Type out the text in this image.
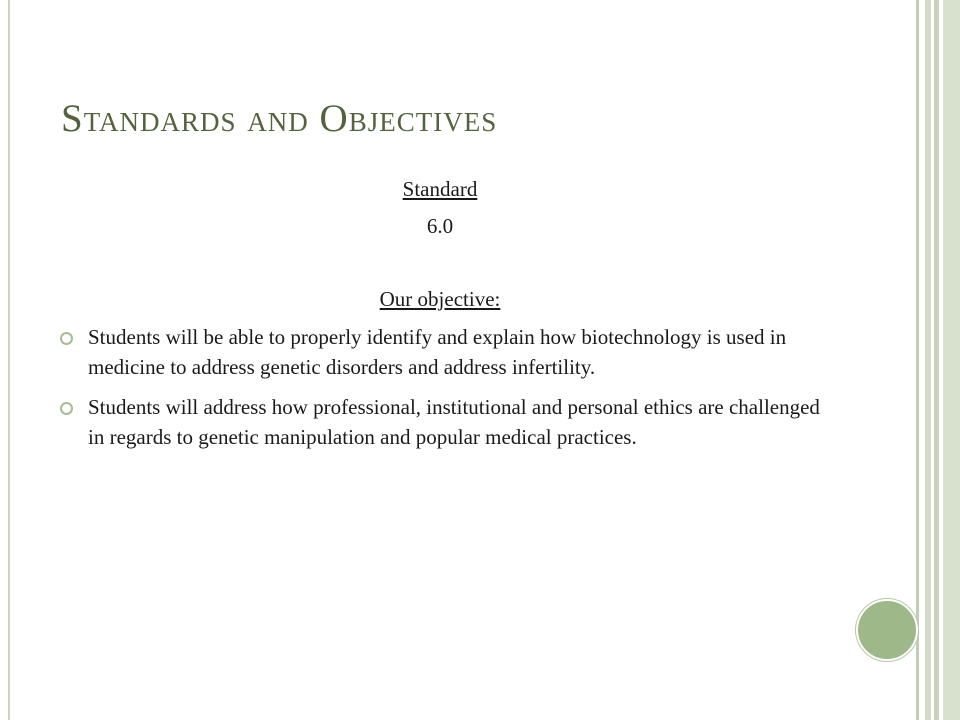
Standards and Objectives
Standard
6.0
Our objective:
Students will be able to properly identify and explain how biotechnology is used in medicine to address genetic disorders and address infertility.
Students will address how professional, institutional and personal ethics are challenged in regards to genetic manipulation and popular medical practices.
